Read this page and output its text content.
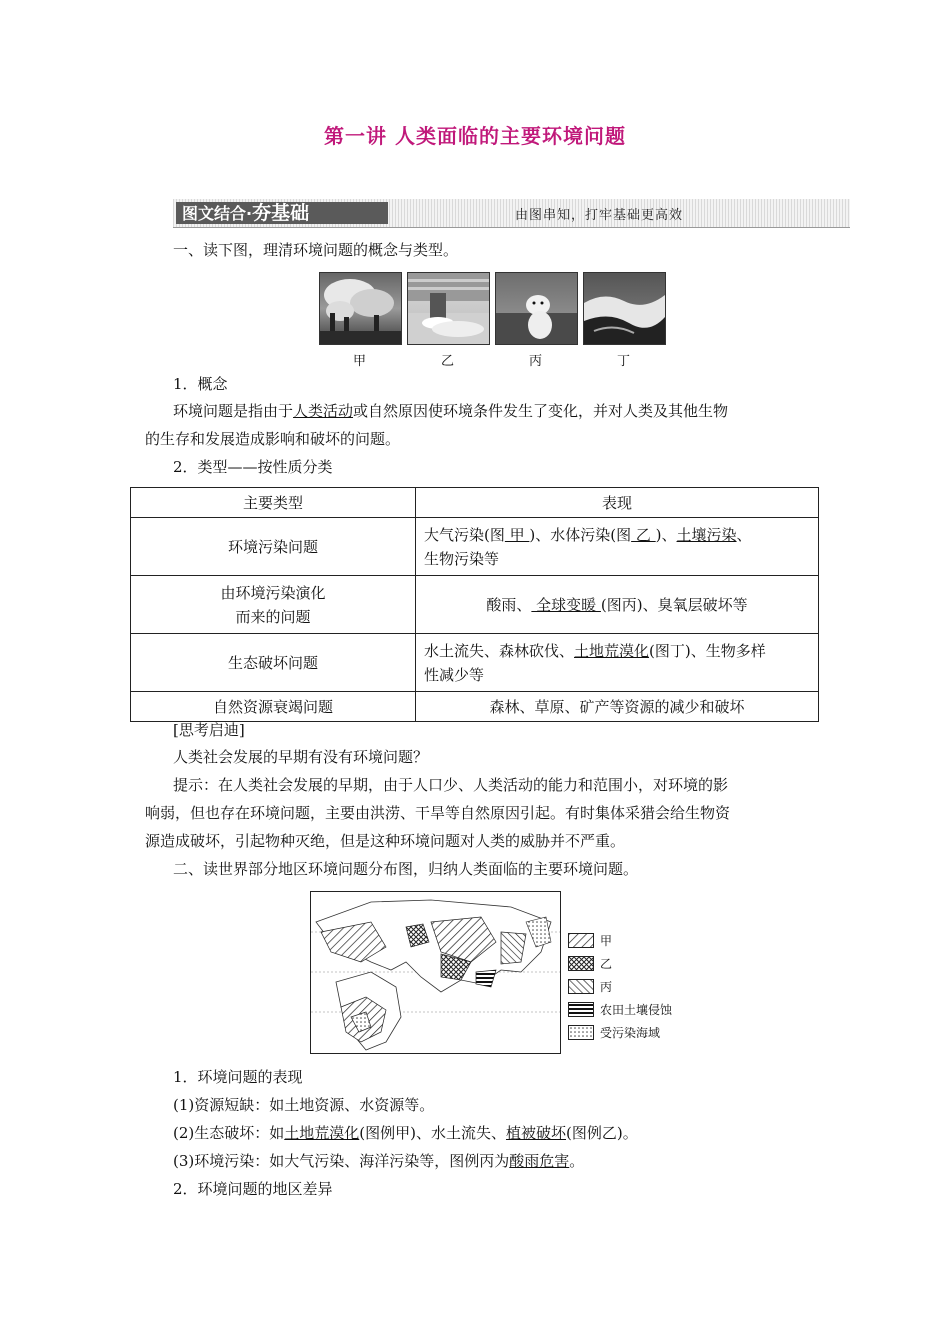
第一讲 人类面临的主要环境问题
图文结合·夯基础	由图串知，打牢基础更高效

一、读下图，理清环境问题的概念与类型。

甲	乙	丙	丁

1．概念

环境问题是指由于人类活动或自然原因使环境条件发生了变化，并对人类及其他生物

的生存和发展造成影响和破坏的问题。

2．类型——按性质分类

主要类型	表现
环境污染问题	大气污染(图 甲 )、水体污染(图 乙 )、土壤污染、
生物污染等
由环境污染演化
而来的问题	酸雨、 全球变暖 (图丙)、臭氧层破坏等
生态破坏问题	水土流失、森林砍伐、土地荒漠化(图丁)、生物多样
性减少等
自然资源衰竭问题	森林、草原、矿产等资源的减少和破坏

[思考启迪]

人类社会发展的早期有没有环境问题？

提示：在人类社会发展的早期，由于人口少、人类活动的能力和范围小，对环境的影

响弱，但也存在环境问题，主要由洪涝、干旱等自然原因引起。有时集体采猎会给生物资

源造成破坏，引起物种灭绝，但是这种环境问题对人类的威胁并不严重。

二、读世界部分地区环境问题分布图，归纳人类面临的主要环境问题。

甲
乙
丙
农田土壤侵蚀
受污染海域

1．环境问题的表现

(1)资源短缺：如土地资源、水资源等。

(2)生态破坏：如土地荒漠化(图例甲)、水土流失、植被破坏(图例乙)。

(3)环境污染：如大气污染、海洋污染等，图例丙为酸雨危害。

2．环境问题的地区差异
